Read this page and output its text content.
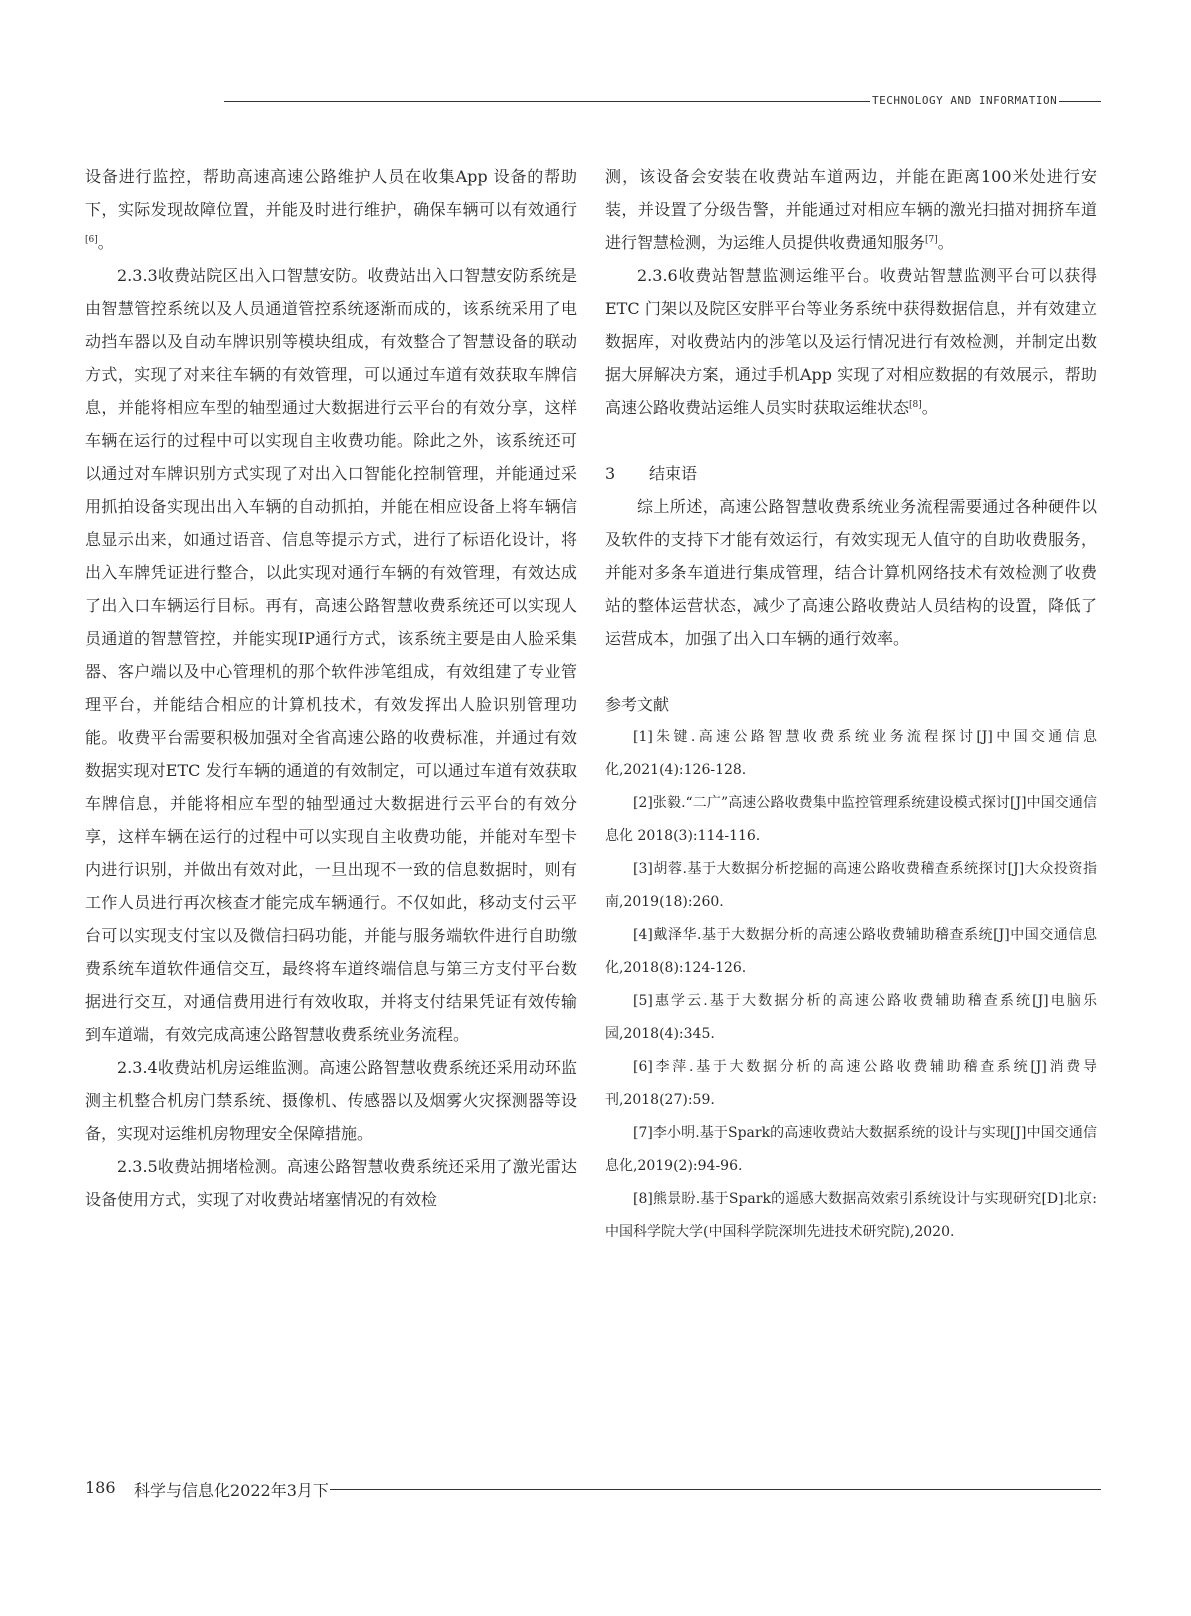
TECHNOLOGY AND INFORMATION

设备进行监控，帮助高速高速公路维护人员在收集App 设备的帮助下，实际发现故障位置，并能及时进行维护，确保车辆可以有效通行[6]。

2.3.3收费站院区出入口智慧安防。收费站出入口智慧安防系统是由智慧管控系统以及人员通道管控系统逐渐而成的，该系统采用了电动挡车器以及自动车牌识别等模块组成，有效整合了智慧设备的联动方式，实现了对来往车辆的有效管理，可以通过车道有效获取车牌信息，并能将相应车型的轴型通过大数据进行云平台的有效分享，这样车辆在运行的过程中可以实现自主收费功能。除此之外，该系统还可以通过对车牌识别方式实现了对出入口智能化控制管理，并能通过采用抓拍设备实现出出入车辆的自动抓拍，并能在相应设备上将车辆信息显示出来，如通过语音、信息等提示方式，进行了标语化设计，将出入车牌凭证进行整合，以此实现对通行车辆的有效管理，有效达成了出入口车辆运行目标。再有，高速公路智慧收费系统还可以实现人员通道的智慧管控，并能实现IP通行方式，该系统主要是由人脸采集器、客户端以及中心管理机的那个软件涉笔组成，有效组建了专业管理平台，并能结合相应的计算机技术，有效发挥出人脸识别管理功能。收费平台需要积极加强对全省高速公路的收费标准，并通过有效数据实现对ETC 发行车辆的通道的有效制定，可以通过车道有效获取车牌信息，并能将相应车型的轴型通过大数据进行云平台的有效分享，这样车辆在运行的过程中可以实现自主收费功能，并能对车型卡内进行识别，并做出有效对此，一旦出现不一致的信息数据时，则有工作人员进行再次核查才能完成车辆通行。不仅如此，移动支付云平台可以实现支付宝以及微信扫码功能，并能与服务端软件进行自助缴费系统车道软件通信交互，最终将车道终端信息与第三方支付平台数据进行交互，对通信费用进行有效收取，并将支付结果凭证有效传输到车道端，有效完成高速公路智慧收费系统业务流程。

2.3.4收费站机房运维监测。高速公路智慧收费系统还采用动环监测主机整合机房门禁系统、摄像机、传感器以及烟雾火灾探测器等设备，实现对运维机房物理安全保障措施。

2.3.5收费站拥堵检测。高速公路智慧收费系统还采用了激光雷达设备使用方式，实现了对收费站堵塞情况的有效检

测，该设备会安装在收费站车道两边，并能在距离100米处进行安装，并设置了分级告警，并能通过对相应车辆的激光扫描对拥挤车道进行智慧检测，为运维人员提供收费通知服务[7]。

2.3.6收费站智慧监测运维平台。收费站智慧监测平台可以获得ETC 门架以及院区安胖平台等业务系统中获得数据信息，并有效建立数据库，对收费站内的涉笔以及运行情况进行有效检测，并制定出数据大屏解决方案，通过手机App 实现了对相应数据的有效展示，帮助高速公路收费站运维人员实时获取运维状态[8]。

3 结束语

综上所述，高速公路智慧收费系统业务流程需要通过各种硬件以及软件的支持下才能有效运行，有效实现无人值守的自助收费服务，并能对多条车道进行集成管理，结合计算机网络技术有效检测了收费站的整体运营状态，减少了高速公路收费站人员结构的设置，降低了运营成本，加强了出入口车辆的通行效率。

参考文献

[1]朱键.高速公路智慧收费系统业务流程探讨[J]中国交通信息化,2021(4):126-128.

[2]张毅.“二广”高速公路收费集中监控管理系统建设模式探讨[J]中国交通信息化 2018(3):114-116.

[3]胡蓉.基于大数据分析挖掘的高速公路收费稽查系统探讨[J]大众投资指南,2019(18):260.

[4]戴泽华.基于大数据分析的高速公路收费辅助稽查系统[J]中国交通信息化,2018(8):124-126.

[5]惠学云.基于大数据分析的高速公路收费辅助稽查系统[J]电脑乐园,2018(4):345.

[6]李萍.基于大数据分析的高速公路收费辅助稽查系统[J]消费导刊,2018(27):59.

[7]李小明.基于Spark的高速收费站大数据系统的设计与实现[J]中国交通信息化,2019(2):94-96.

[8]熊景盼.基于Spark的遥感大数据高效索引系统设计与实现研究[D]北京:中国科学院大学(中国科学院深圳先进技术研究院),2020.

186 科学与信息化2022年3月下
